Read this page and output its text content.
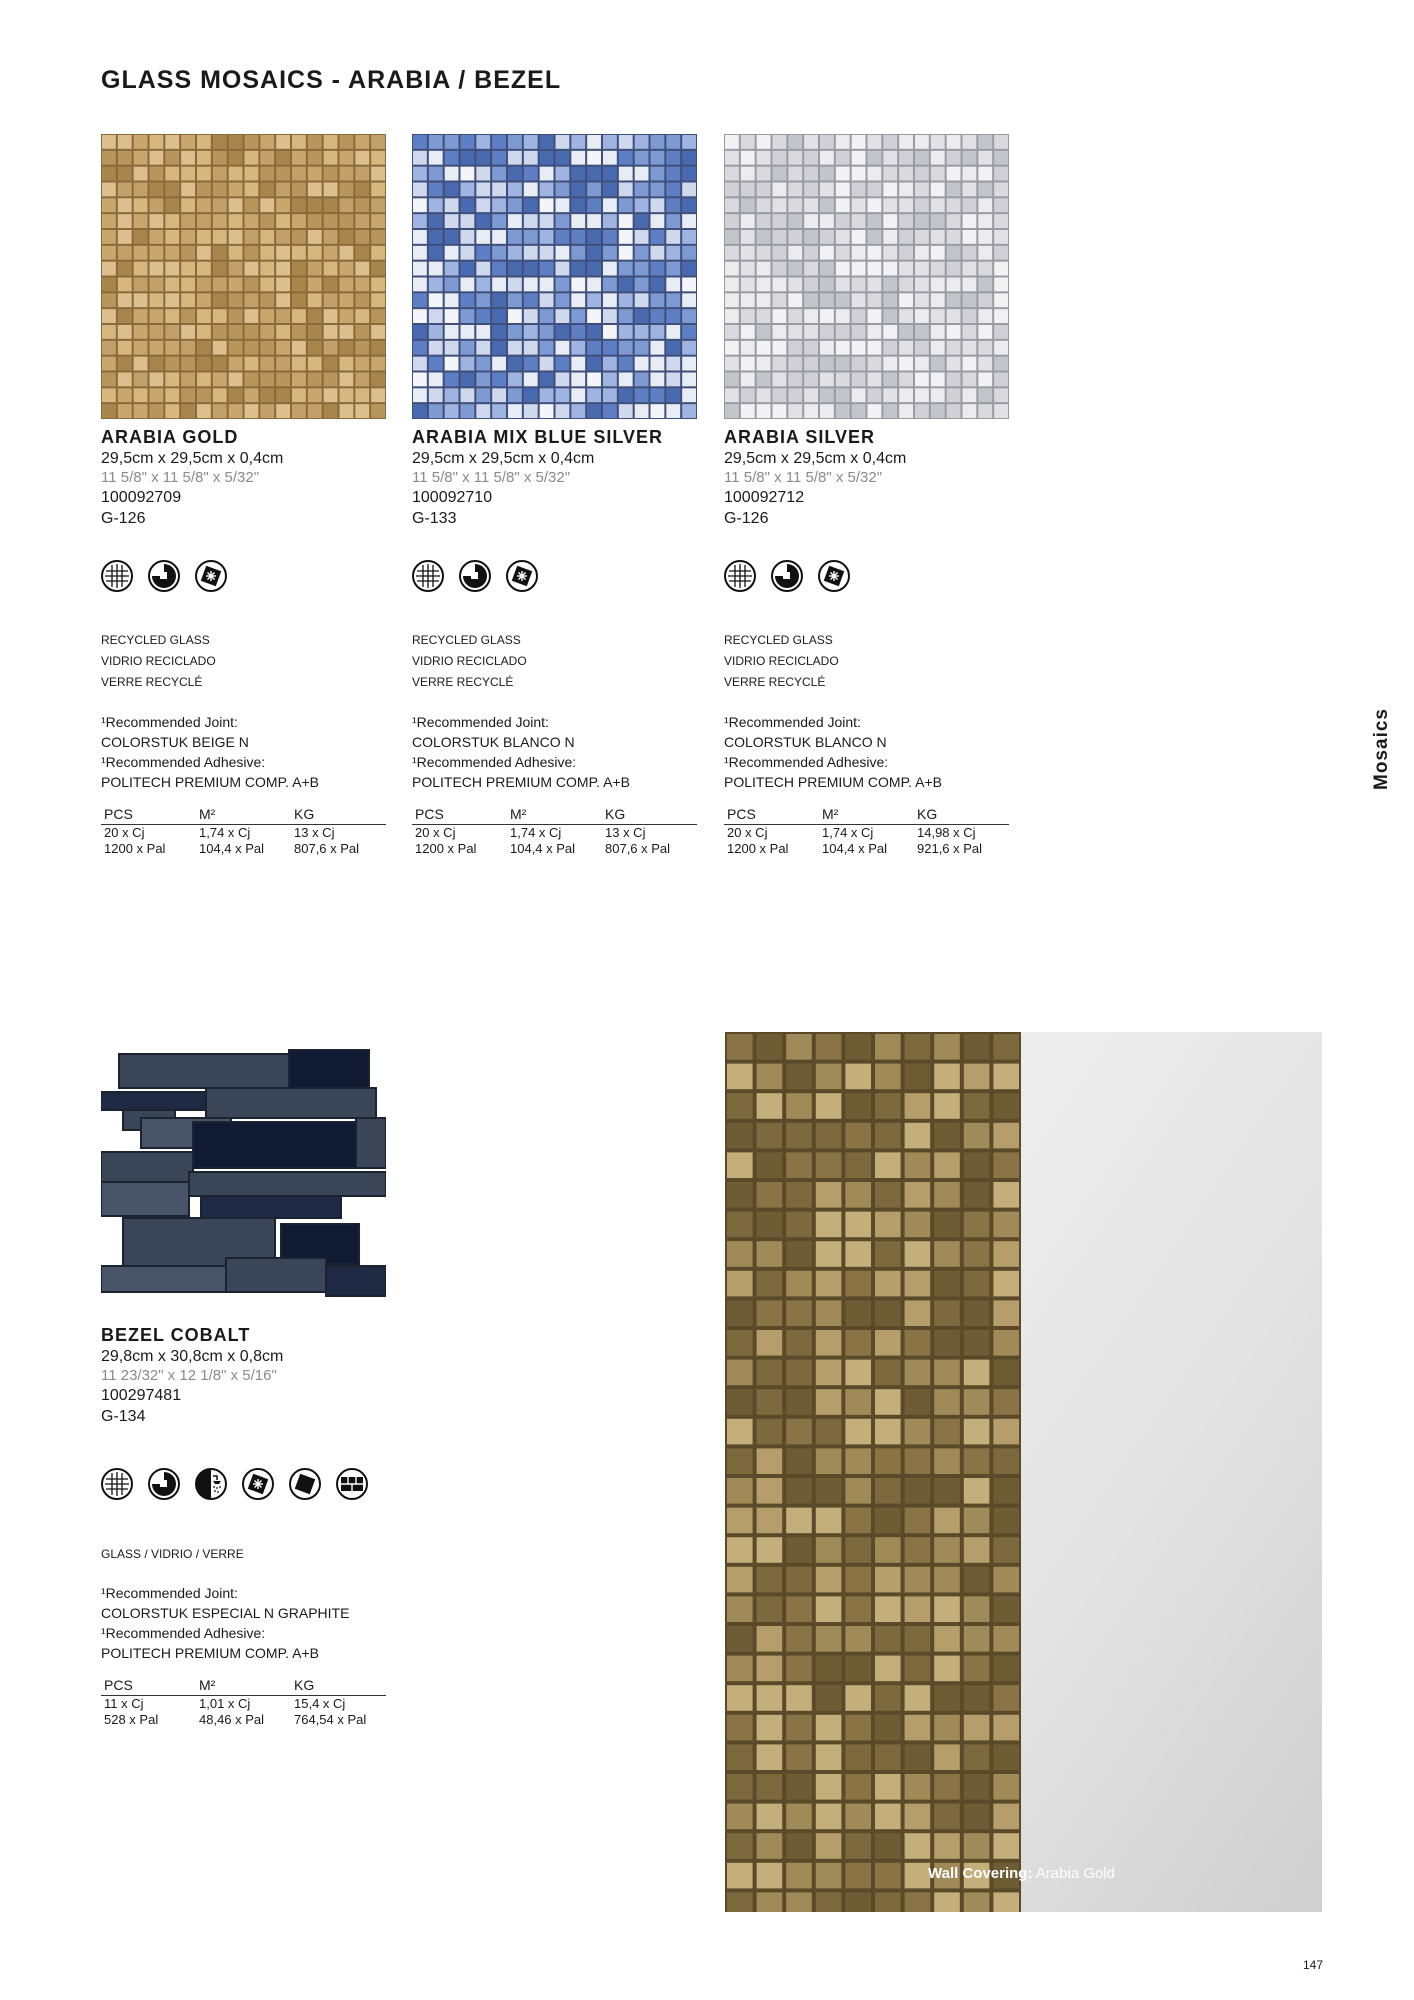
GLASS MOSAICS - ARABIA / BEZEL
ARABIA GOLD
29,5cm x 29,5cm x 0,4cm
11 5/8" x 11 5/8" x 5/32"
100092709
G-126
RECYCLED GLASS
VIDRIO RECICLADO
VERRE RECYCLÉ
¹Recommended Joint:
COLORSTUK BEIGE N
¹Recommended Adhesive:
POLITECH PREMIUM COMP. A+B
PCS	M²	KG
20 x Cj	1,74 x Cj	13 x Cj
1200 x Pal	104,4 x Pal	807,6 x Pal
ARABIA MIX BLUE SILVER
29,5cm x 29,5cm x 0,4cm
11 5/8" x 11 5/8" x 5/32"
100092710
G-133
RECYCLED GLASS
VIDRIO RECICLADO
VERRE RECYCLÉ
¹Recommended Joint:
COLORSTUK BLANCO N
¹Recommended Adhesive:
POLITECH PREMIUM COMP. A+B
PCS	M²	KG
20 x Cj	1,74 x Cj	13 x Cj
1200 x Pal	104,4 x Pal	807,6 x Pal
ARABIA SILVER
29,5cm x 29,5cm x 0,4cm
11 5/8" x 11 5/8" x 5/32"
100092712
G-126
RECYCLED GLASS
VIDRIO RECICLADO
VERRE RECYCLÉ
¹Recommended Joint:
COLORSTUK BLANCO N
¹Recommended Adhesive:
POLITECH PREMIUM COMP. A+B
PCS	M²	KG
20 x Cj	1,74 x Cj	14,98 x Cj
1200 x Pal	104,4 x Pal	921,6 x Pal
BEZEL COBALT
29,8cm x 30,8cm x 0,8cm
11 23/32" x 12 1/8" x 5/16"
100297481
G-134
GLASS / VIDRIO / VERRE
¹Recommended Joint:
COLORSTUK ESPECIAL N GRAPHITE
¹Recommended Adhesive:
POLITECH PREMIUM COMP. A+B
PCS	M²	KG
11 x Cj	1,01 x Cj	15,4 x Cj
528 x Pal	48,46 x Pal	764,54 x Pal
Mosaics
Wall Covering: Arabia Gold
147
